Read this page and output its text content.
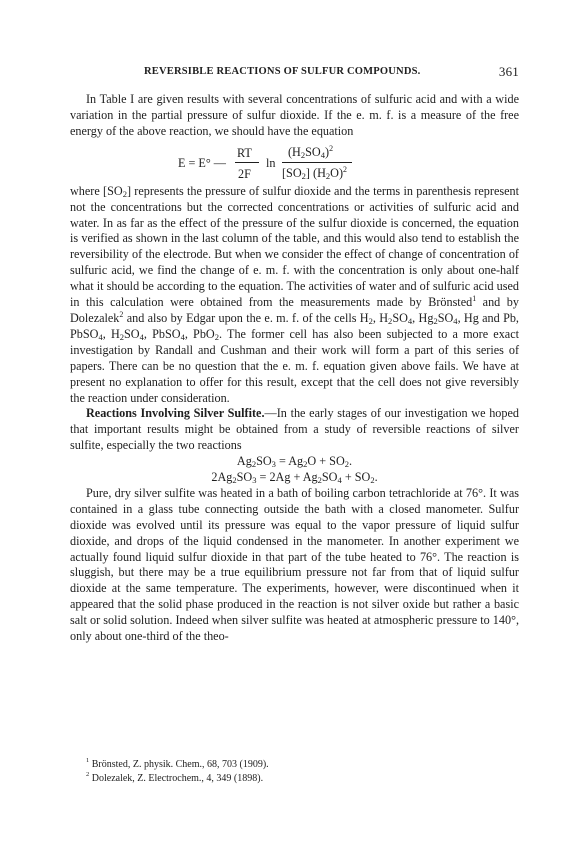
REVERSIBLE REACTIONS OF SULFUR COMPOUNDS.	361

In Table I are given results with several concentrations of sulfuric acid and with a wide variation in the partial pressure of sulfur dioxide. If the e. m. f. is a measure of the free energy of the above reaction, we should have the equation

E = E° —
RT
2F
ln
$(H_2SO_4)^2$
$[SO_2]$ $(H_2O)^2$

where $[SO_2]$ represents the pressure of sulfur dioxide and the terms in parenthesis represent not the concentrations but the corrected concentrations or activities of sulfuric acid and water. In as far as the effect of the pressure of the sulfur dioxide is concerned, the equation is verified as shown in the last column of the table, and this would also tend to establish the reversibility of the electrode. But when we consider the effect of change of concentration of sulfuric acid, we find the change of e. m. f. with the concentration is only about one-half what it should be according to the equation. The activities of water and of sulfuric acid used in this calculation were obtained from the measurements made by Brönsted$^1$ and by Dolezalek$^2$ and also by Edgar upon the e. m. f. of the cells $H_2$, $H_2SO_4$, $Hg_2SO_4$, Hg and Pb, PbSO$_4$, $H_2SO_4$, PbSO$_4$, PbO$_2$. The former cell has also been subjected to a more exact investigation by Randall and Cushman and their work will form a part of this series of papers. There can be no question that the e. m. f. equation given above fails. We have at present no explanation to offer for this result, except that the cell does not give reversibly the reaction under consideration.

Reactions Involving Silver Sulfite.—In the early stages of our investigation we hoped that important results might be obtained from a study of reversible reactions of silver sulfite, especially the two reactions

$Ag_2SO_3 = Ag_2O + SO_2$.
$2Ag_2SO_3 = 2Ag + Ag_2SO_4 + SO_2$.

Pure, dry silver sulfite was heated in a bath of boiling carbon tetrachloride at 76°. It was contained in a glass tube connecting outside the bath with a closed manometer. Sulfur dioxide was evolved until its pressure was equal to the vapor pressure of liquid sulfur dioxide, and drops of the liquid condensed in the manometer. In another experiment we actually found liquid sulfur dioxide in that part of the tube heated to 76°. The reaction is sluggish, but there may be a true equilibrium pressure not far from that of liquid sulfur dioxide at the same temperature. The experiments, however, were discontinued when it appeared that the solid phase produced in the reaction is not silver oxide but rather a basic salt or solid solution. Indeed when silver sulfite was heated at atmospheric pressure to 140°, only about one-third of the theo-

$^1$ Brönsted, Z. physik. Chem., 68, 703 (1909).
$^2$ Dolezalek, Z. Electrochem., 4, 349 (1898).
